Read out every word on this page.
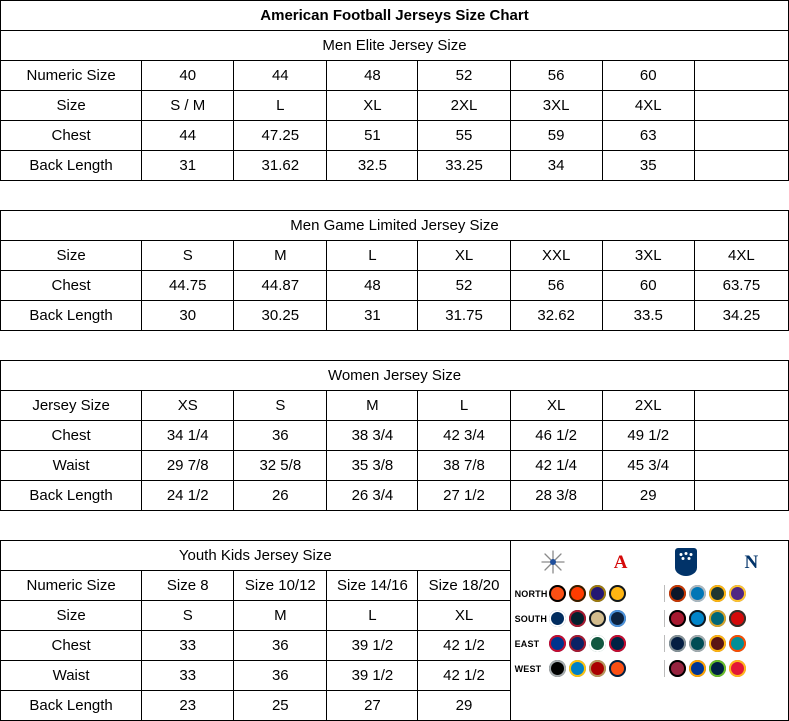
American Football Jerseys Size Chart							
Men Elite Jersey Size							
Numeric Size	40	44	48	52	56	60	
Size	S / M	L	XL	2XL	3XL	4XL	
Chest	44	47.25	51	55	59	63	
Back Length	31	31.62	32.5	33.25	34	35	

Men Game Limited Jersey Size							
Size	S	M	L	XL	XXL	3XL	4XL
Chest	44.75	44.87	48	52	56	60	63.75
Back Length	30	30.25	31	31.75	32.62	33.5	34.25

Women Jersey Size							
Jersey Size	XS	S	M	L	XL	2XL	
Chest	34 1/4	36	38 3/4	42 3/4	46 1/2	49 1/2	
Waist	29 7/8	32 5/8	35 3/8	38 7/8	42 1/4	45 3/4	
Back Length	24 1/2	26	26 3/4	27 1/2	28 3/8	29	

Youth Kids Jersey Size	A	N
NORTH
SOUTH
EAST
WEST

Numeric Size	Size 8	Size 10/12	Size 14/16	Size 18/20			
Size	S	M	L	XL			
Chest	33	36	39 1/2	42 1/2			
Waist	33	36	39 1/2	42 1/2			
Back Length	23	25	27	29			
